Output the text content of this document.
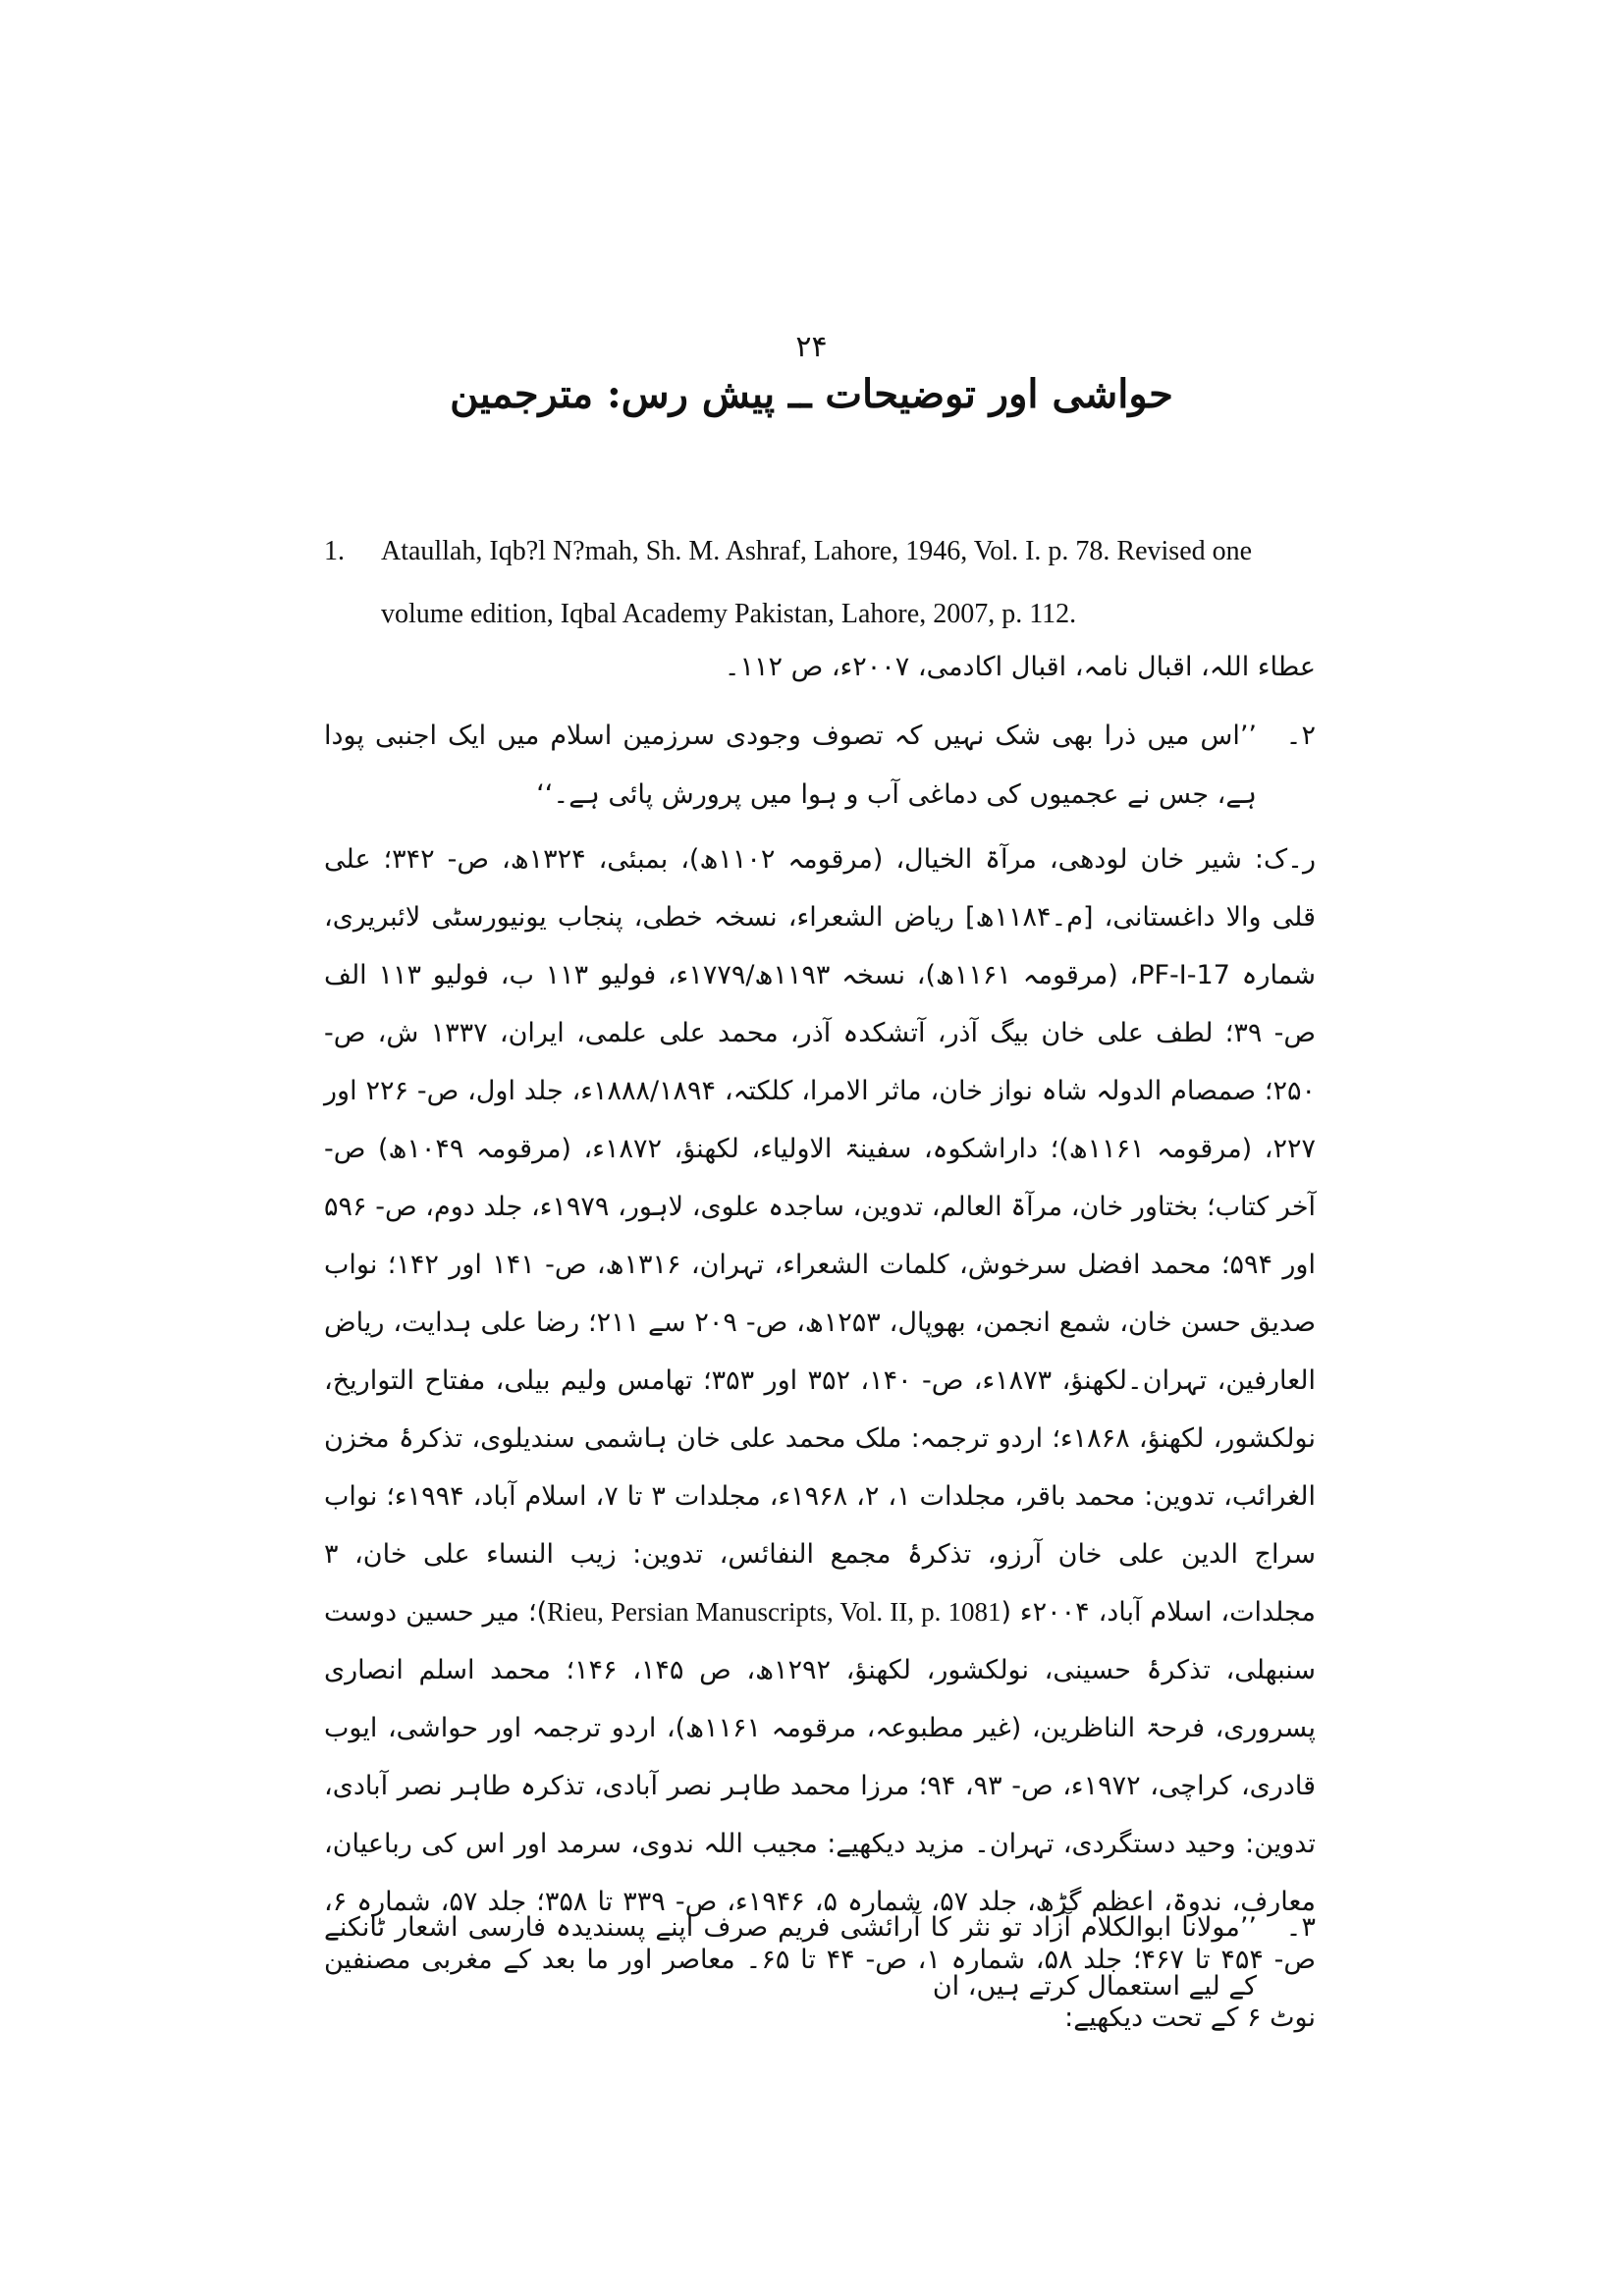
۲۴
حواشی اور توضیحات ــ پیش رس: مترجمین
1. Ataullah, Iqb?l N?mah, Sh. M. Ashraf, Lahore, 1946, Vol. I. p. 78. Revised one volume edition, Iqbal Academy Pakistan, Lahore, 2007, p. 112.
عطاء اللہ، اقبال نامہ، اقبال اکادمی، ۲۰۰۷ء، ص ۱۱۲۔
۲۔
’’اس میں ذرا بھی شک نہیں کہ تصوف وجودی سرزمین اسلام میں ایک اجنبی پودا ہے، جس نے عجمیوں کی دماغی آب و ہوا میں پرورش پائی ہے۔‘‘
ر۔ک: شیر خان لودھی، مرآۃ الخیال، (مرقومہ ۱۱۰۲ھ)، بمبئی، ۱۳۲۴ھ، ص- ۳۴۲؛ علی قلی والا داغستانی، [م۔۱۱۸۴ھ] ریاض الشعراء، نسخہ خطی، پنجاب یونیورسٹی لائبریری، شمارہ PF-I-17، (مرقومہ ۱۱۶۱ھ)، نسخہ ۱۱۹۳ھ/۱۷۷۹ء، فولیو ۱۱۳ ب، فولیو ۱۱۳ الف ص- ۳۹؛ لطف علی خان بیگ آذر، آتشکدہ آذر، محمد علی علمی، ایران، ۱۳۳۷ ش، ص- ۲۵۰؛ صمصام الدولہ شاہ نواز خان، ماثر الامرا، کلکتہ، ۱۸۸۸/۱۸۹۴ء، جلد اول، ص- ۲۲۶ اور ۲۲۷، (مرقومہ ۱۱۶۱ھ)؛ داراشکوہ، سفینۃ الاولیاء، لکھنؤ، ۱۸۷۲ء، (مرقومہ ۱۰۴۹ھ) ص- آخر کتاب؛ بختاور خان، مرآۃ العالم، تدوین، ساجدہ علوی، لاہور، ۱۹۷۹ء، جلد دوم، ص- ۵۹۶ اور ۵۹۴؛ محمد افضل سرخوش، کلمات الشعراء، تہران، ۱۳۱۶ھ، ص- ۱۴۱ اور ۱۴۲؛ نواب صدیق حسن خان، شمع انجمن، بھوپال، ۱۲۵۳ھ، ص- ۲۰۹ سے ۲۱۱؛ رضا علی ہدایت، ریاض العارفین، تہران۔لکھنؤ، ۱۸۷۳ء، ص- ۱۴۰، ۳۵۲ اور ۳۵۳؛ تھامس ولیم بیلی، مفتاح التواریخ، نولکشور، لکھنؤ، ۱۸۶۸ء؛ اردو ترجمہ: ملک محمد علی خان ہاشمی سندیلوی، تذکرۂ مخزن الغرائب، تدوین: محمد باقر، مجلدات ۱، ۲، ۱۹۶۸ء، مجلدات ۳ تا ۷، اسلام آباد، ۱۹۹۴ء؛ نواب سراج الدین علی خان آرزو، تذکرۂ مجمع النفائس، تدوین: زیب النساء علی خان، ۳ مجلدات، اسلام آباد، ۲۰۰۴ء (Rieu, Persian Manuscripts, Vol. II, p. 1081)؛ میر حسین دوست سنبھلی، تذکرۂ حسینی، نولکشور، لکھنؤ، ۱۲۹۲ھ، ص ۱۴۵، ۱۴۶؛ محمد اسلم انصاری پسروری، فرحۃ الناظرین، (غیر مطبوعہ، مرقومہ ۱۱۶۱ھ)، اردو ترجمہ اور حواشی، ایوب قادری، کراچی، ۱۹۷۲ء، ص- ۹۳، ۹۴؛ مرزا محمد طاہر نصر آبادی، تذکرہ طاہر نصر آبادی، تدوین: وحید دستگردی، تہران۔ مزید دیکھیے: مجیب اللہ ندوی، سرمد اور اس کی رباعیان، معارف، ندوۃ، اعظم گڑھ، جلد ۵۷، شمارہ ۵، ۱۹۴۶ء، ص- ۳۳۹ تا ۳۵۸؛ جلد ۵۷، شمارہ ۶، ص- ۴۵۴ تا ۴۶۷؛ جلد ۵۸، شمارہ ۱، ص- ۴۴ تا ۶۵۔ معاصر اور ما بعد کے مغربی مصنفین نوٹ ۶ کے تحت دیکھیے:
۳۔
’’مولانا ابوالکلام آزاد تو نثر کا آرائشی فریم صرف اپنے پسندیدہ فارسی اشعار ٹانکنے کے لیے استعمال کرتے ہیں، ان
